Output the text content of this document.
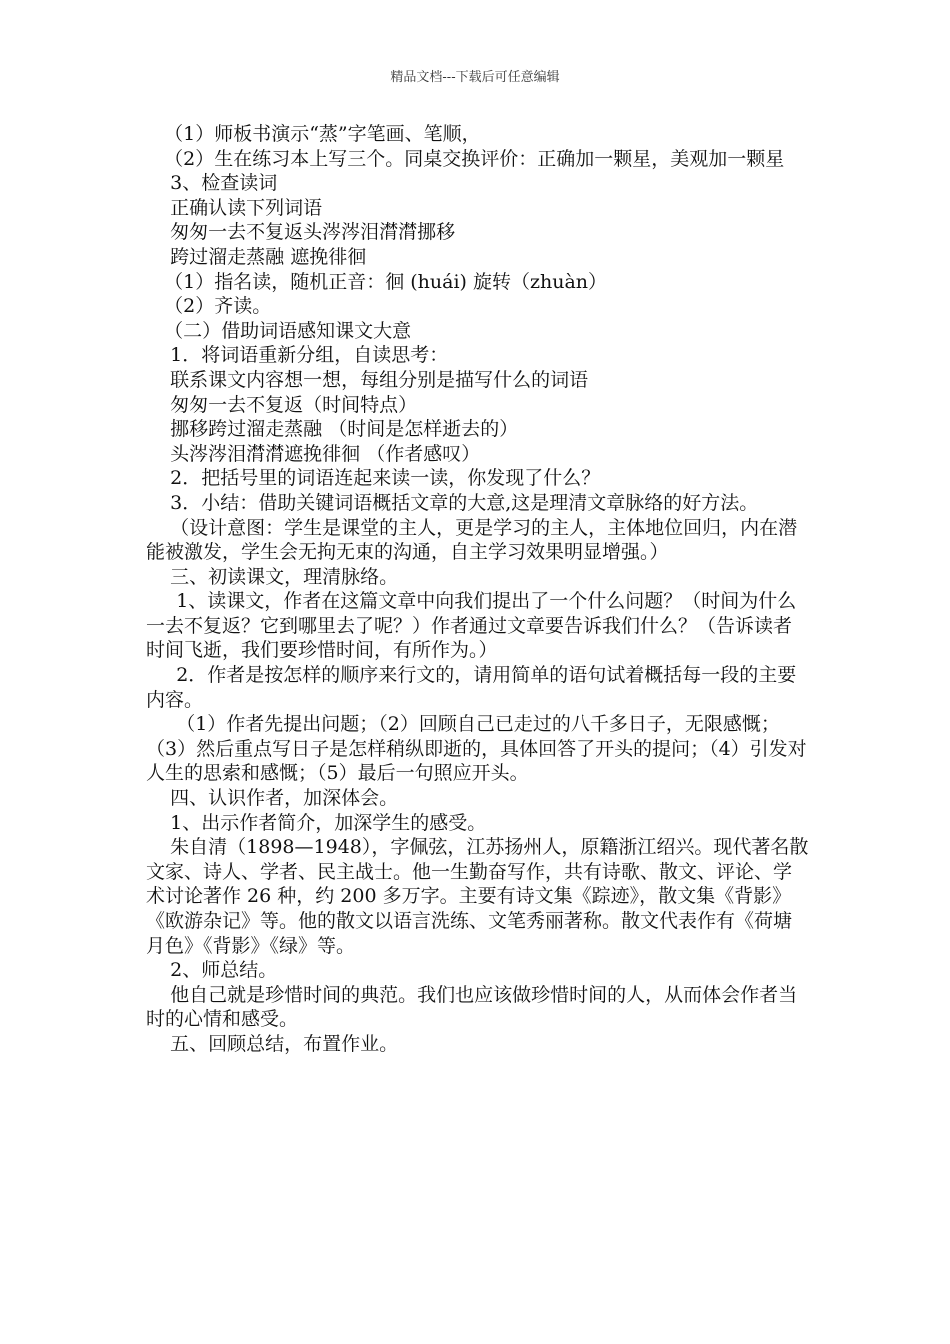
精品文档---下载后可任意编辑

（1）师板书演示“蒸”字笔画、笔顺，

（2）生在练习本上写三个。同桌交换评价：正确加一颗星，美观加一颗星

3、检查读词

正确认读下列词语

匆匆一去不复返头涔涔泪潸潸挪移

跨过溜走蒸融 遮挽徘徊

（1）指名读，随机正音：徊 (huái) 旋转（zhuàn）

（2）齐读。

（二）借助词语感知课文大意

1．将词语重新分组，自读思考：

联系课文内容想一想，每组分别是描写什么的词语

匆匆一去不复返（时间特点）

挪移跨过溜走蒸融 （时间是怎样逝去的）

头涔涔泪潸潸遮挽徘徊 （作者感叹）

2．把括号里的词语连起来读一读，你发现了什么？

3．小结：借助关键词语概括文章的大意,这是理清文章脉络的好方法。

（设计意图：学生是课堂的主人，更是学习的主人，主体地位回归，内在潜能被激发，学生会无拘无束的沟通，自主学习效果明显增强。）

三、初读课文，理清脉络。

1、读课文，作者在这篇文章中向我们提出了一个什么问题？（时间为什么一去不复返？它到哪里去了呢？）作者通过文章要告诉我们什么？（告诉读者时间飞逝，我们要珍惜时间，有所作为。）

2．作者是按怎样的顺序来行文的，请用简单的语句试着概括每一段的主要内容。

（1）作者先提出问题；（2）回顾自己已走过的八千多日子，无限感慨；（3）然后重点写日子是怎样稍纵即逝的，具体回答了开头的提问；（4）引发对人生的思索和感慨；（5）最后一句照应开头。

四、认识作者，加深体会。

1、出示作者简介，加深学生的感受。

朱自清（1898—1948），字佩弦，江苏扬州人，原籍浙江绍兴。现代著名散文家、诗人、学者、民主战士。他一生勤奋写作，共有诗歌、散文、评论、学术讨论著作 26 种，约 200 多万字。主要有诗文集《踪迹》，散文集《背影》《欧游杂记》等。他的散文以语言洗练、文笔秀丽著称。散文代表作有《荷塘月色》《背影》《绿》等。

2、师总结。

他自己就是珍惜时间的典范。我们也应该做珍惜时间的人，从而体会作者当时的心情和感受。

五、回顾总结，布置作业。
